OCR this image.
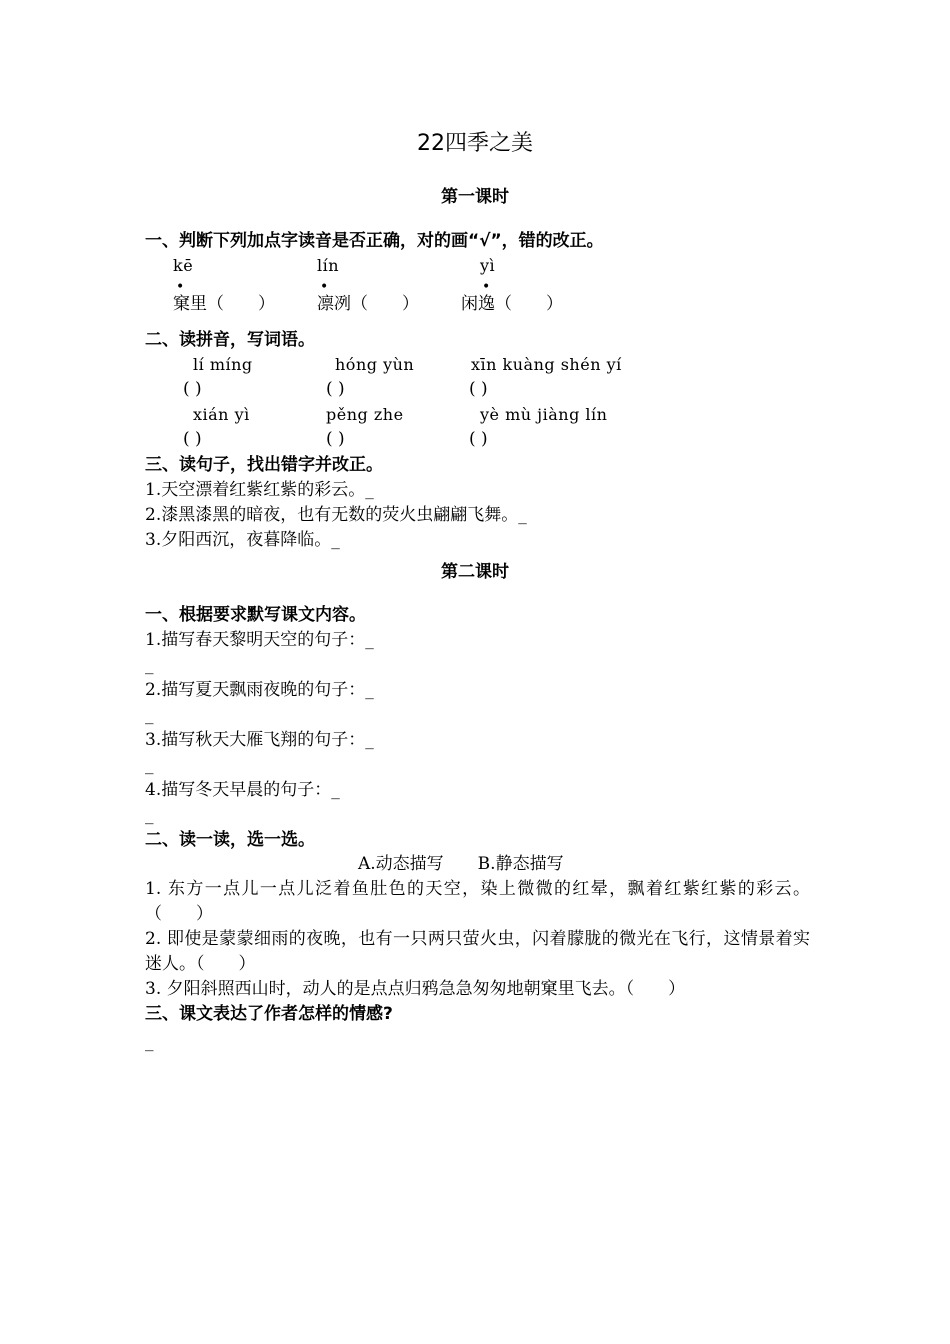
22四季之美
第一课时
一、判断下列加点字读音是否正确，对的画“√”，错的改正。
kē
•
窠里（　　）
lín
•
凛冽（　　）
yì
•
闲逸（　　）
二、读拼音，写词语。
lí míng
( )
hóng yùn
( )
xīn kuàng shén yí
( )
xián yì
( )
pěng zhe
( )
yè mù jiàng lín
( )
三、读句子，找出错字并改正。
1.天空漂着红紫红紫的彩云。_
2.漆黑漆黑的暗夜，也有无数的荧火虫翩翩飞舞。_
3.夕阳西沉，夜暮降临。_
第二课时
一、根据要求默写课文内容。
1.描写春天黎明天空的句子：_
_
2.描写夏天飘雨夜晚的句子：_
_
3.描写秋天大雁飞翔的句子：_
_
4.描写冬天早晨的句子：_
_
二、读一读，选一选。
A.动态描写　　B.静态描写
1. 东方一点儿一点儿泛着鱼肚色的天空，染上微微的红晕，飘着红紫红紫的彩云。（　　）
2. 即使是蒙蒙细雨的夜晚，也有一只两只萤火虫，闪着朦胧的微光在飞行，这情景着实迷人。（　　）
3. 夕阳斜照西山时，动人的是点点归鸦急急匆匆地朝窠里飞去。（　　）
三、课文表达了作者怎样的情感?
_
